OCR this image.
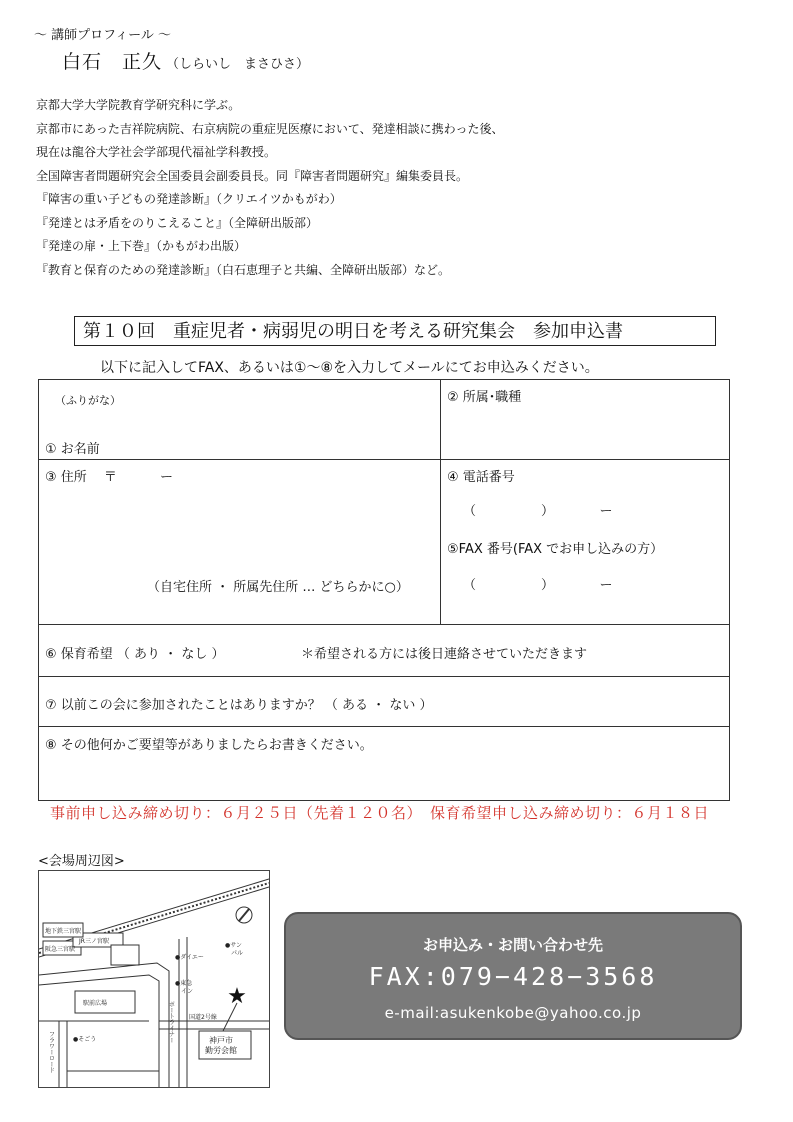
～ 講師プロフィール ～
白石　正久 （しらいし　まさひさ）
京都大学大学院教育学研究科に学ぶ。
京都市にあった吉祥院病院、右京病院の重症児医療において、発達相談に携わった後、
現在は龍谷大学社会学部現代福祉学科教授。
全国障害者問題研究会全国委員会副委員長。同『障害者問題研究』編集委員長。
『障害の重い子どもの発達診断』（クリエイツかもがわ）
『発達とは矛盾をのりこえること』（全障研出版部）
『発達の扉・上下巻』（かもがわ出版）
『教育と保育のための発達診断』（白石恵理子と共編、全障研出版部）など。
第１０回　重症児者・病弱児の明日を考える研究集会　参加申込書
以下に記入してFAX、あるいは①～⑧を入力してメールにてお申込みください。
（ふりがな）
① お名前
② 所属･職種
③ 住所　 〒　　　 ー
（自宅住所 ・ 所属先住所 … どちらかに○）
④ 電話番号
（　　　　　）　　　　ー
⑤FAX 番号(FAX でお申し込みの方）
（　　　　　）　　　　ー
⑥ 保育希望 （ あり ・ なし ）	＊希望される方には後日連絡させていただきます
⑦ 以前この会に参加されたことはありますか？ （ ある ・ ない ）
⑧ その他何かご要望等がありましたらお書きください。
事前申し込み締め切り：６月２５日（先着１２０名）　保育希望申し込み締め切り：６月１８日
<会場周辺図>
★
地下鉄三宮駅
阪急三宮駅
JR三ノ宮駅
●ダイエー
●サン
パル
●東急
イン
駅前広場
国道2号線
●そごう	神戸市
勤労会館
ポートライナー
フラワーロード
お申込み・お問い合わせ先
FAX:079−428−3568
e-mail:asukenkobe@yahoo.co.jp
